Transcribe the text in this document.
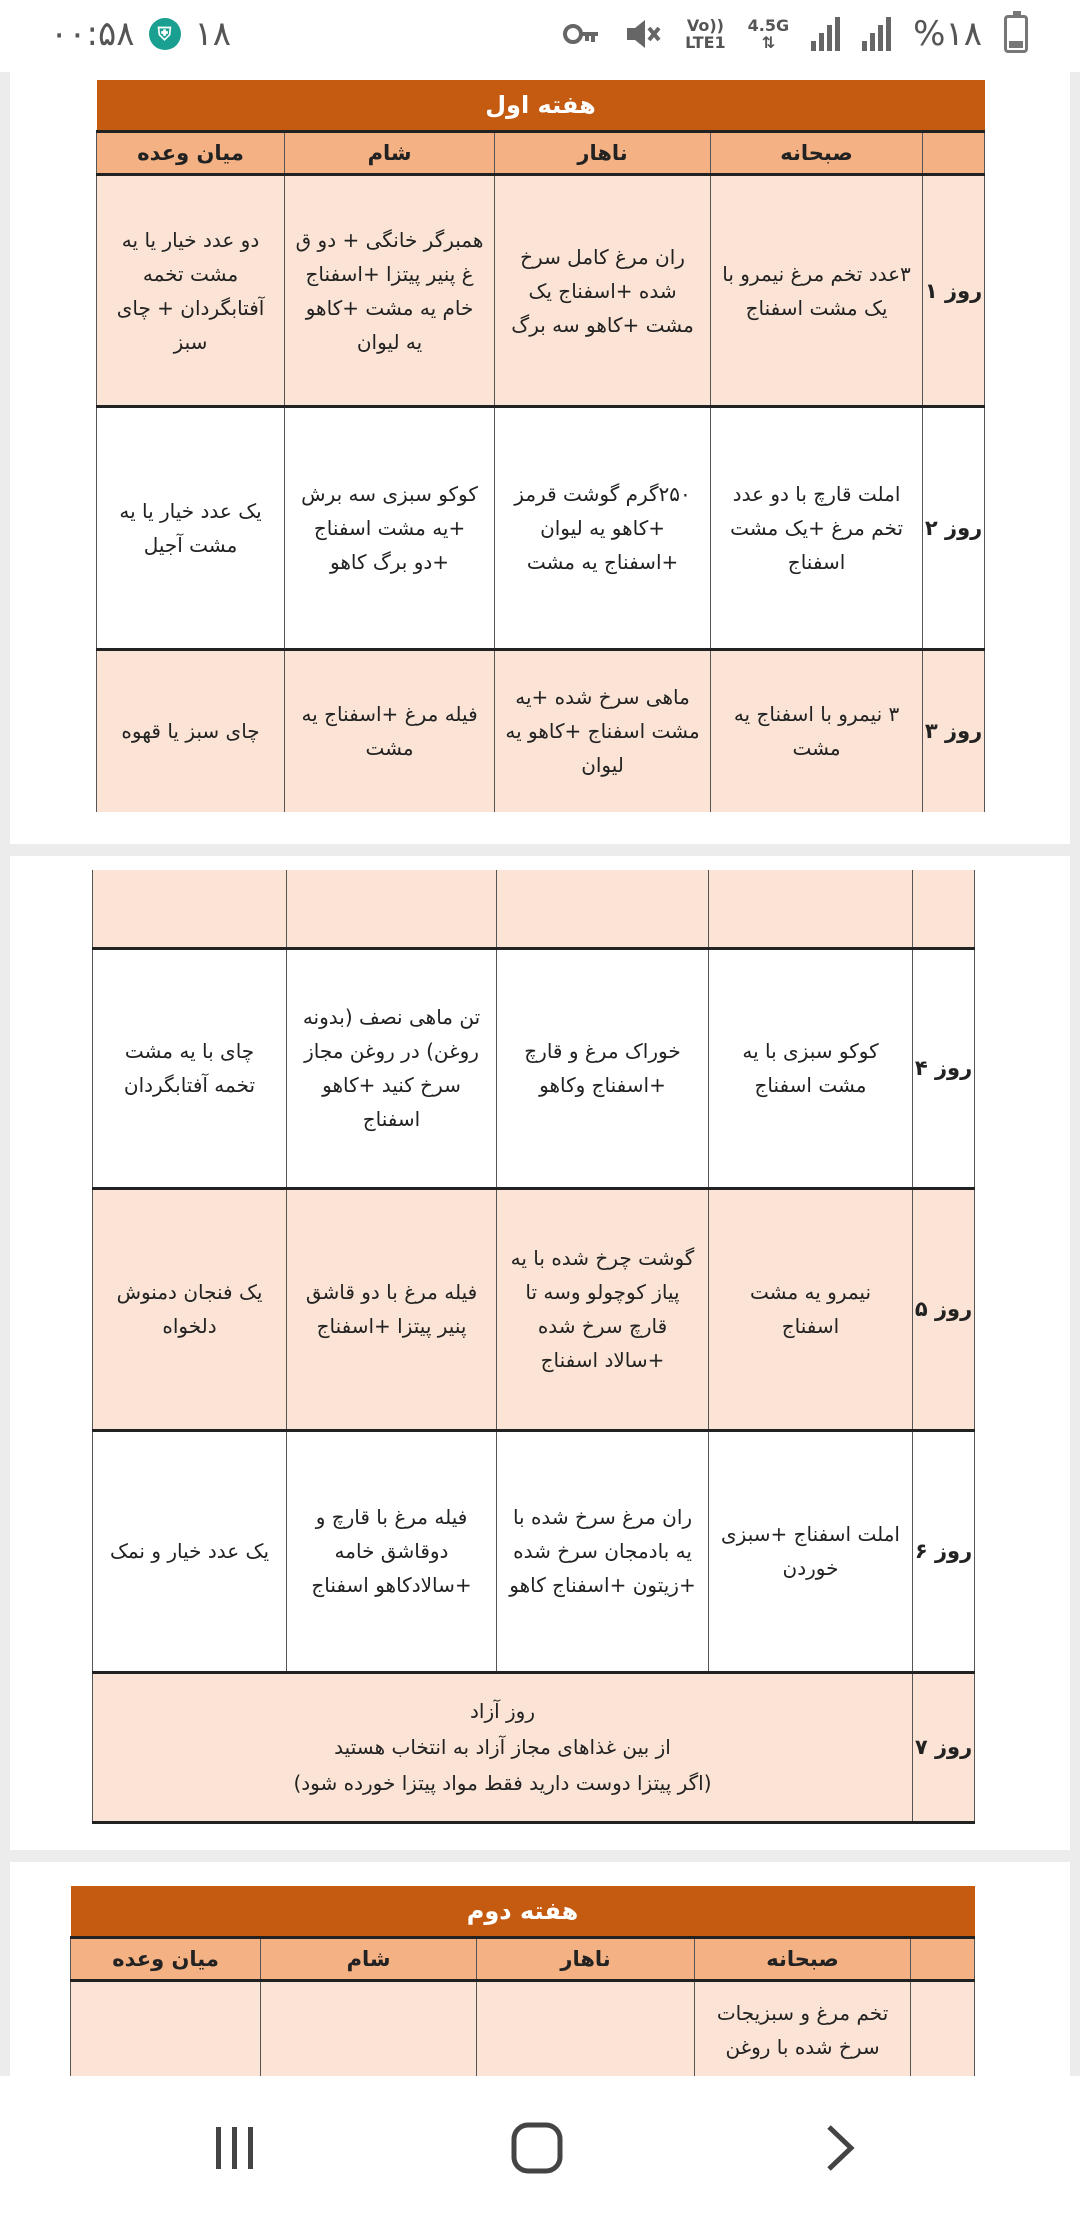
۰۰:۵۸	⛨ ۱۸	Vo))
LTE1
4.5G
⇅	%۱۸
هفته اول				
	صبحانه	ناهار	شام	میان وعده
روز ۱	۳عدد تخم مرغ نیمرو با یک مشت اسفناج	ران مرغ کامل سرخ شده +اسفناج یک مشت +کاهو سه برگ	همبرگر خانگی + دو ق غ پنیر پیتزا +اسفناج خام یه مشت +کاهو یه لیوان	دو عدد خیار یا یه مشت تخمه آفتابگردان + چای سبز

روز ۲	املت قارچ با دو عدد تخم مرغ +یک مشت اسفناج	۲۵۰گرم گوشت قرمز +کاهو یه لیوان +اسفناج یه مشت	کوکو سبزی سه برش +یه مشت اسفناج +دو برگ کاهو	یک عدد خیار یا یه مشت آجیل

روز ۳	۳ نیمرو با اسفناج یه مشت	ماهی سرخ شده +یه مشت اسفناج +کاهو یه لیوان	فیله مرغ +اسفناج یه مشت	چای سبز یا قهوه

روز ۴	کوکو سبزی با یه مشت اسفناج	خوراک مرغ و قارچ +اسفناج وکاهو	تن ماهی نصف (بدونه روغن) در روغن مجاز سرخ کنید +کاهو اسفناج	چای با یه مشت تخمه آفتابگردان

روز ۵	نیمرو یه مشت اسفناج	گوشت چرخ شده با یه پیاز کوچولو وسه تا قارچ سرخ شده +سالاد اسفناج	فیله مرغ با دو قاشق پنیر پیتزا +اسفناج	یک فنجان دمنوش دلخواه

روز ۶	املت اسفناج +سبزی خوردن	ران مرغ سرخ شده با یه بادمجان سرخ شده +زیتون +اسفناج کاهو	فیله مرغ با قارچ و دوقاشق خامه +سالادکاهو اسفناج	یک عدد خیار و نمک

روز ۷	روز آزاد
از بین غذاهای مجاز آزاد به انتخاب هستید
(اگر پیتزا دوست دارید فقط مواد پیتزا خورده شود)			
هفته دوم				
	صبحانه	ناهار	شام	میان وعده

	تخم مرغ و سبزیجات سرخ شده با روغن			
